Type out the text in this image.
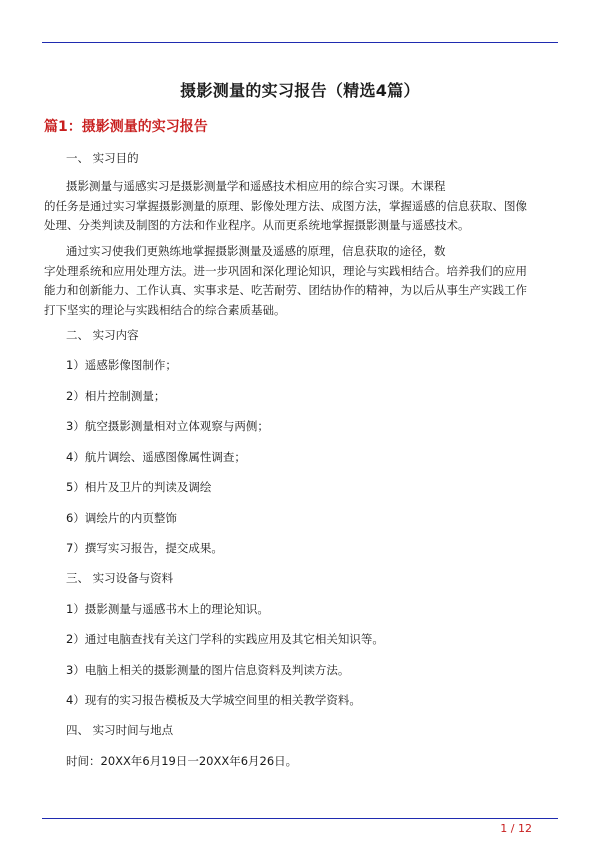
摄影测量的实习报告（精选4篇）
篇1：摄影测量的实习报告
一、 实习目的
摄影测量与遥感实习是摄影测量学和遥感技术相应用的综合实习课。木课程
的任务是通过实习掌握摄影测量的原理、影像处理方法、成图方法，掌握遥感的信息获取、图像
处理、分类判读及制图的方法和作业程序。从而更系统地掌握摄影测量与遥感技术。
通过实习使我们更熟练地掌握摄影测量及遥感的原理，信息获取的途径，数
字处理系统和应用处理方法。进一步巩固和深化理论知识，理论与实践相结合。培养我们的应用
能力和创新能力、工作认真、实事求是、吃苦耐劳、团结协作的精神，为以后从事生产实践工作
打下坚实的理论与实践相结合的综合素质基础。
二、 实习内容
1）遥感影像图制作；
2）相片控制测量；
3）航空摄影测量相对立体观察与两侧；
4）航片调绘、遥感图像属性调查；
5）相片及卫片的判读及调绘
6）调绘片的内页整饰
7）撰写实习报告，提交成果。
三、 实习设备与资料
1）摄影测量与遥感书木上的理论知识。
2）通过电脑查找有关这门学科的实践应用及其它相关知识等。
3）电脑上相关的摄影测量的图片信息资料及判读方法。
4）现有的实习报告模板及大学城空间里的相关教学资料。
四、 实习时间与地点
时间：20XX年6月19日一20XX年6月26日。
1 / 12
